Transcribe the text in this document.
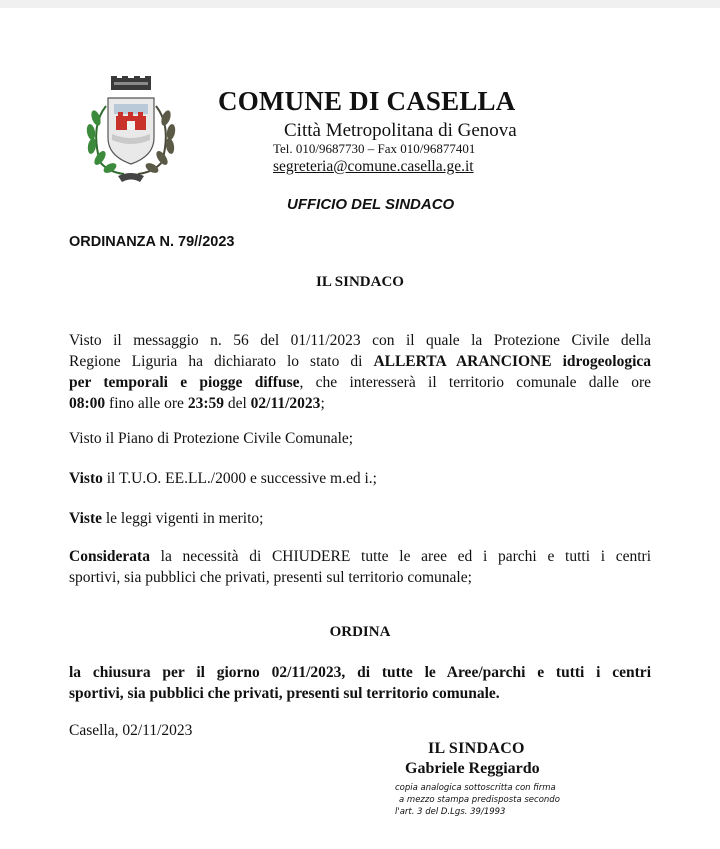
COMUNE DI CASELLA
Città Metropolitana di Genova
Tel. 010/9687730 – Fax 010/96877401
segreteria@comune.casella.ge.it
UFFICIO DEL SINDACO
ORDINANZA N. 79//2023
IL SINDACO
Visto il messaggio n. 56 del 01/11/2023 con il quale la Protezione Civile della
Regione Liguria ha dichiarato lo stato di ALLERTA ARANCIONE idrogeologica
per temporali e piogge diffuse, che interesserà il territorio comunale dalle ore
08:00 fino alle ore 23:59 del 02/11/2023;
Visto il Piano di Protezione Civile Comunale;
Visto il T.U.O. EE.LL./2000 e successive m.ed i.;
Viste le leggi vigenti in merito;
Considerata la necessità di CHIUDERE tutte le aree ed i parchi e tutti i centri
sportivi, sia pubblici che privati, presenti sul territorio comunale;
ORDINA
la chiusura per il giorno 02/11/2023, di tutte le Aree/parchi e tutti i centri
sportivi, sia pubblici che privati, presenti sul territorio comunale.
Casella, 02/11/2023
IL SINDACO
Gabriele Reggiardo
copia analogica sottoscritta con firma
a mezzo stampa predisposta secondo
l'art. 3 del D.Lgs. 39/1993
